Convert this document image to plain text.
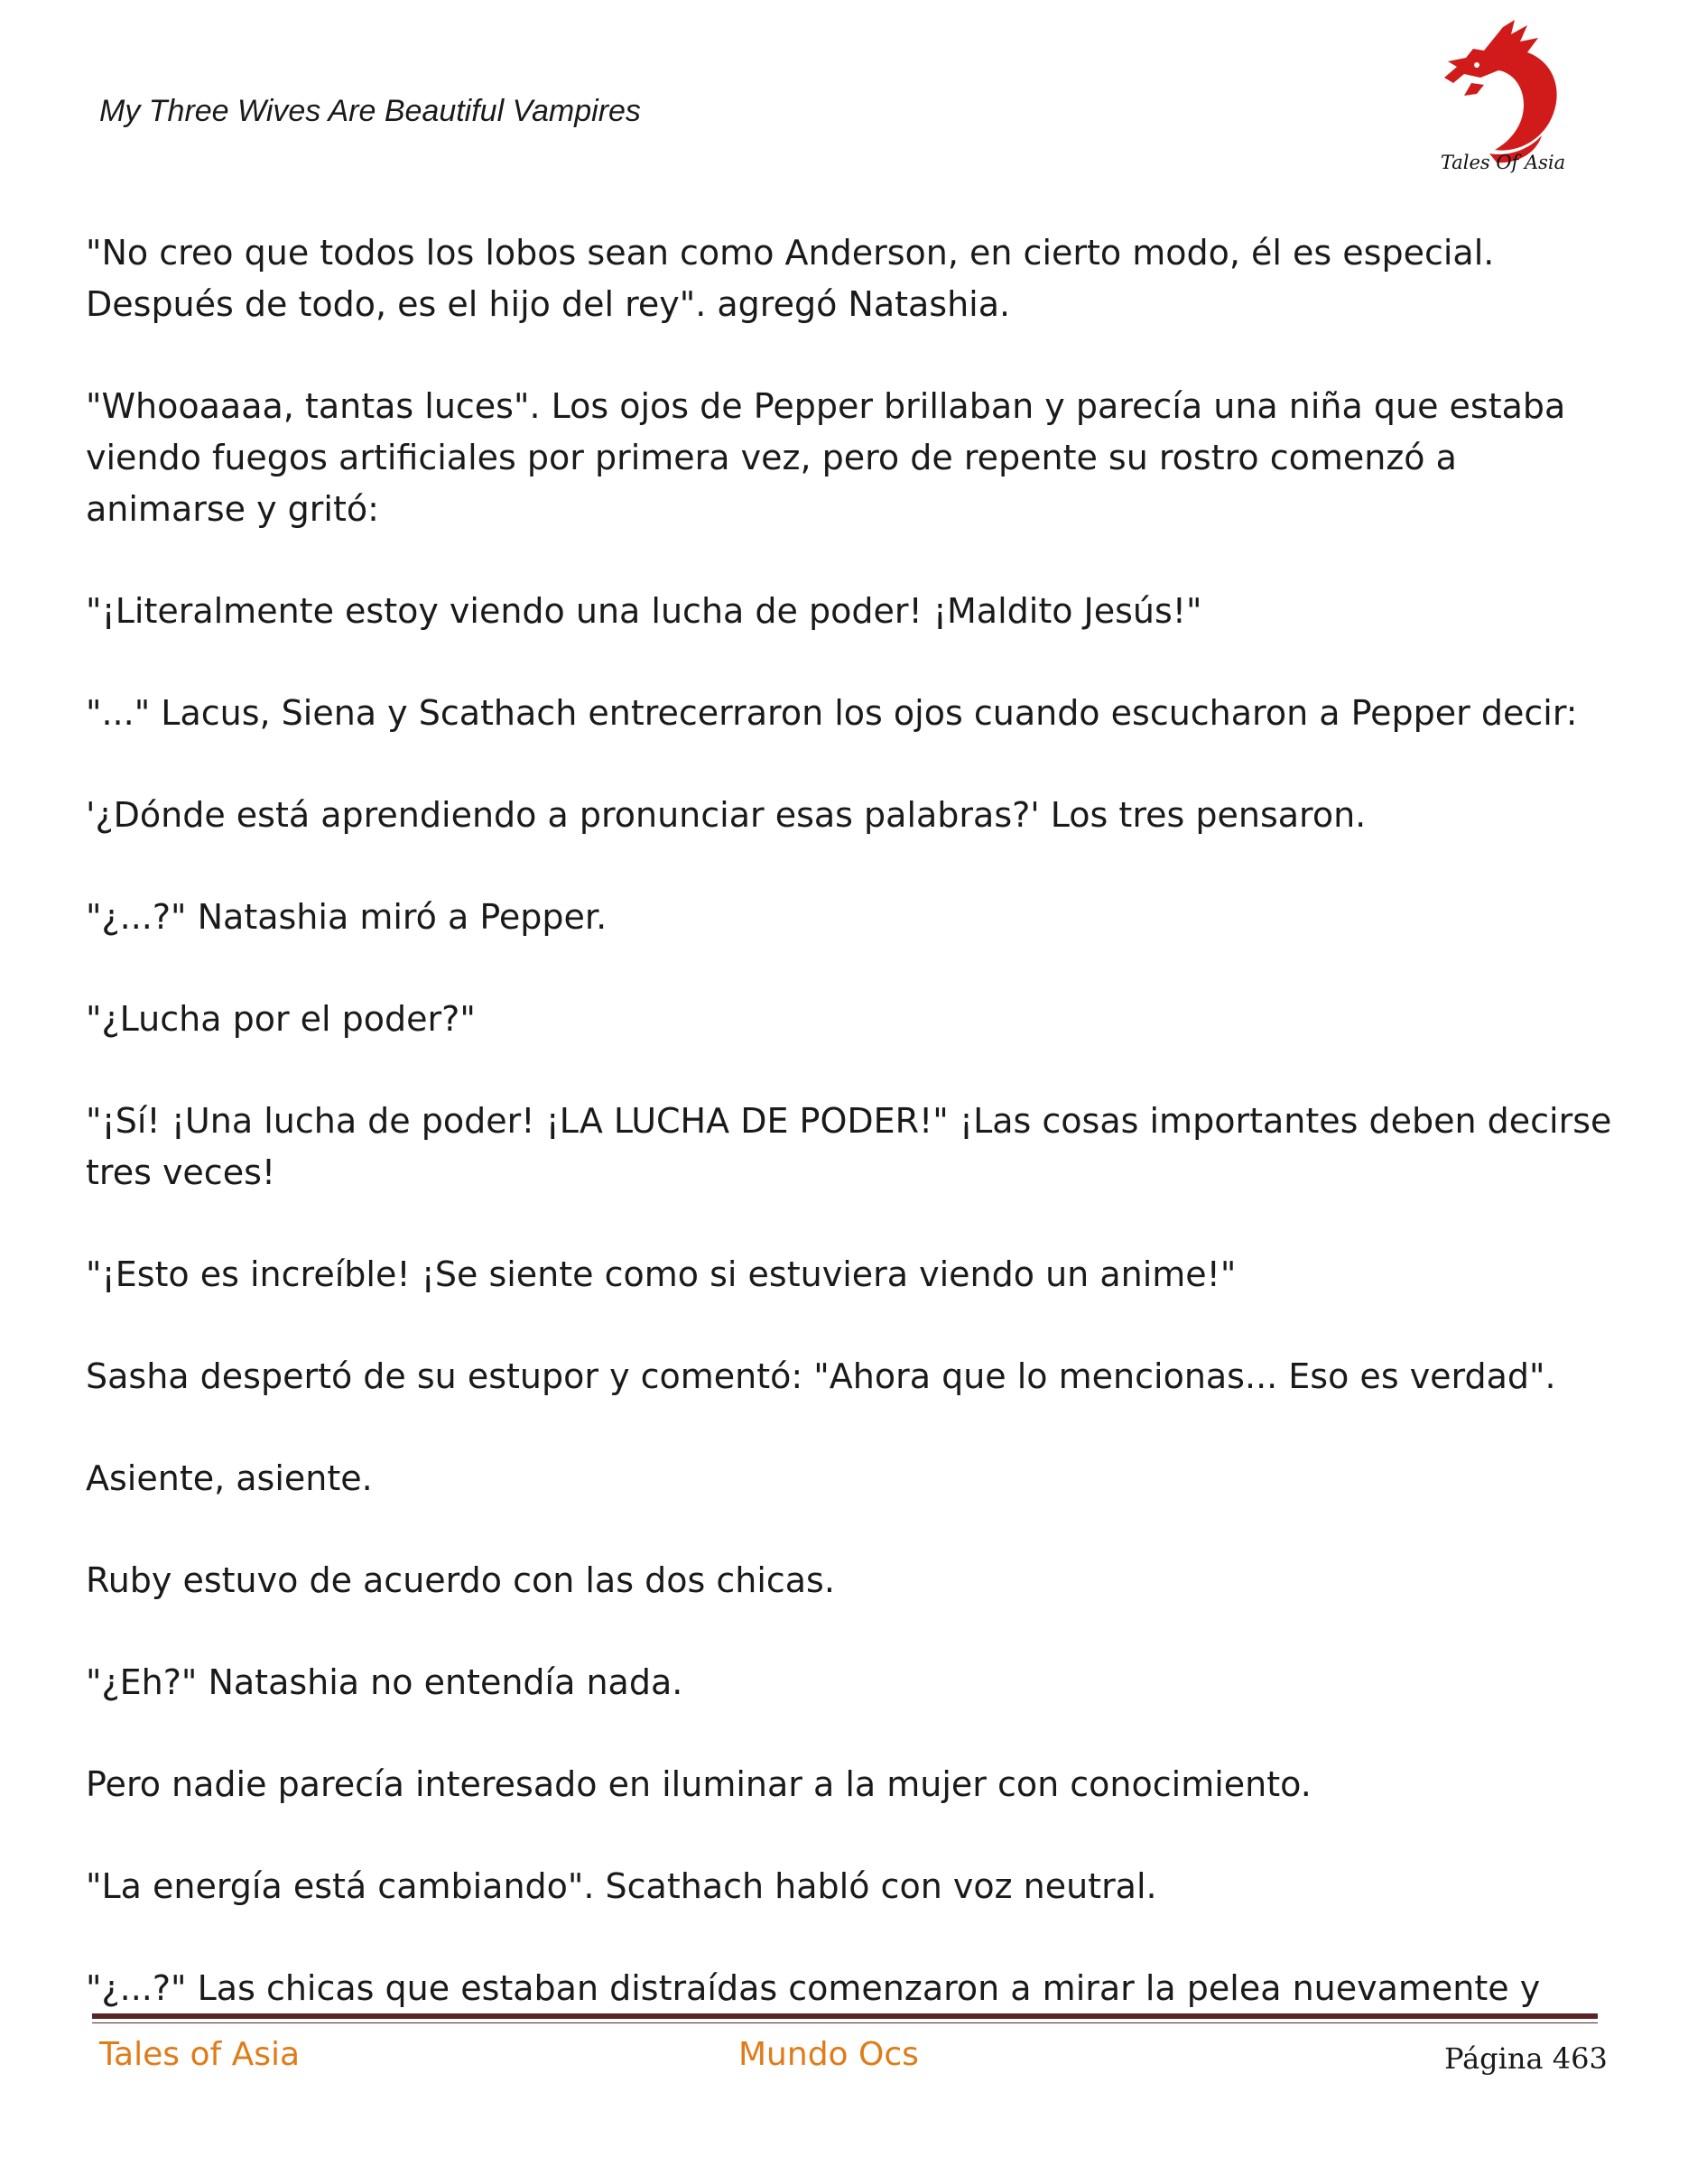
My Three Wives Are Beautiful Vampires
Tales Of Asia

"No creo que todos los lobos sean como Anderson, en cierto modo, él es especial. Después de todo, es el hijo del rey". agregó Natashia.

"Whooaaaa, tantas luces". Los ojos de Pepper brillaban y parecía una niña que estaba viendo fuegos artificiales por primera vez, pero de repente su rostro comenzó a animarse y gritó:

"¡Literalmente estoy viendo una lucha de poder! ¡Maldito Jesús!"

"..." Lacus, Siena y Scathach entrecerraron los ojos cuando escucharon a Pepper decir:

'¿Dónde está aprendiendo a pronunciar esas palabras?' Los tres pensaron.

"¿...?" Natashia miró a Pepper.

"¿Lucha por el poder?"

"¡Sí! ¡Una lucha de poder! ¡LA LUCHA DE PODER!" ¡Las cosas importantes deben decirse tres veces!

"¡Esto es increíble! ¡Se siente como si estuviera viendo un anime!"

Sasha despertó de su estupor y comentó: "Ahora que lo mencionas... Eso es verdad".

Asiente, asiente.

Ruby estuvo de acuerdo con las dos chicas.

"¿Eh?" Natashia no entendía nada.

Pero nadie parecía interesado en iluminar a la mujer con conocimiento.

"La energía está cambiando". Scathach habló con voz neutral.

"¿...?" Las chicas que estaban distraídas comenzaron a mirar la pelea nuevamente y

Tales of Asia	Mundo Ocs	Página 463
